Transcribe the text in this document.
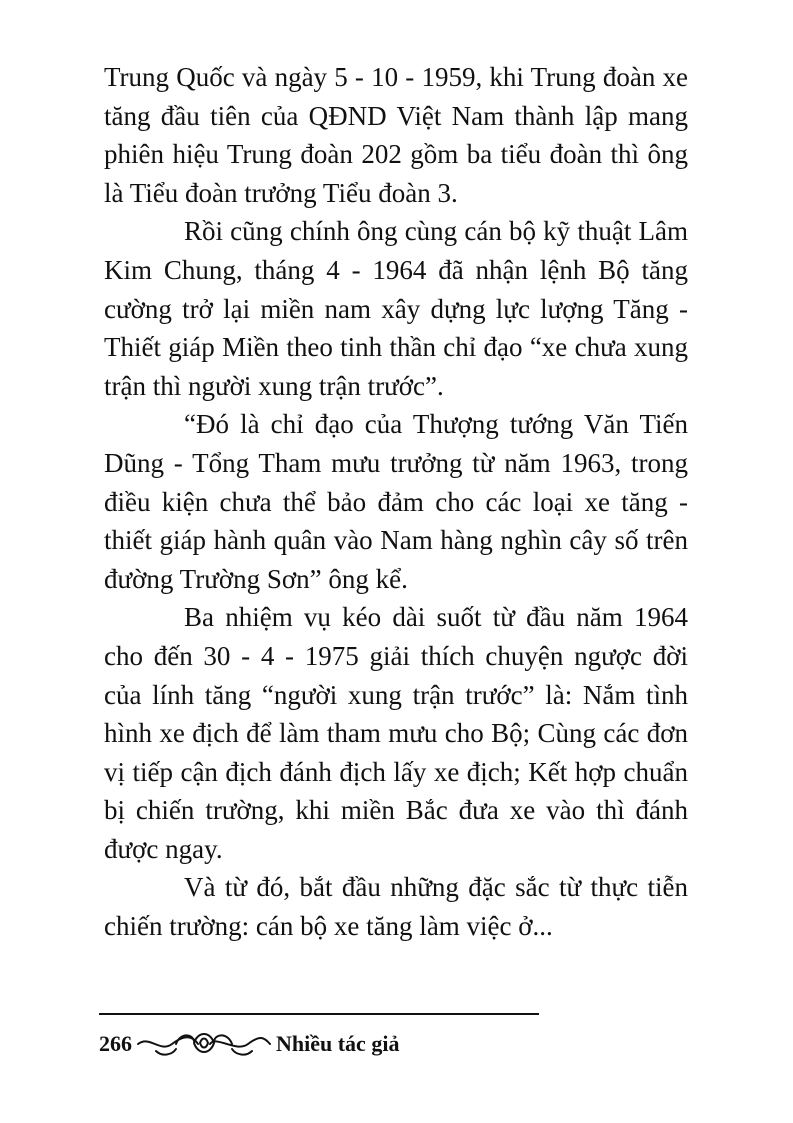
Trung Quốc và ngày 5 - 10 - 1959, khi Trung đoàn xe tăng đầu tiên của QĐND Việt Nam thành lập mang phiên hiệu Trung đoàn 202 gồm ba tiểu đoàn thì ông là Tiểu đoàn trưởng Tiểu đoàn 3.

Rồi cũng chính ông cùng cán bộ kỹ thuật Lâm Kim Chung, tháng 4 - 1964 đã nhận lệnh Bộ tăng cường trở lại miền nam xây dựng lực lượng Tăng - Thiết giáp Miền theo tinh thần chỉ đạo “xe chưa xung trận thì người xung trận trước”.

“Đó là chỉ đạo của Thượng tướng Văn Tiến Dũng - Tổng Tham mưu trưởng từ năm 1963, trong điều kiện chưa thể bảo đảm cho các loại xe tăng - thiết giáp hành quân vào Nam hàng nghìn cây số trên đường Trường Sơn” ông kể.

Ba nhiệm vụ kéo dài suốt từ đầu năm 1964 cho đến 30 - 4 - 1975 giải thích chuyện ngược đời của lính tăng “người xung trận trước” là: Nắm tình hình xe địch để làm tham mưu cho Bộ; Cùng các đơn vị tiếp cận địch đánh địch lấy xe địch; Kết hợp chuẩn bị chiến trường, khi miền Bắc đưa xe vào thì đánh được ngay.

Và từ đó, bắt đầu những đặc sắc từ thực tiễn chiến trường: cán bộ xe tăng làm việc ở...

266	Nhiều tác giả
